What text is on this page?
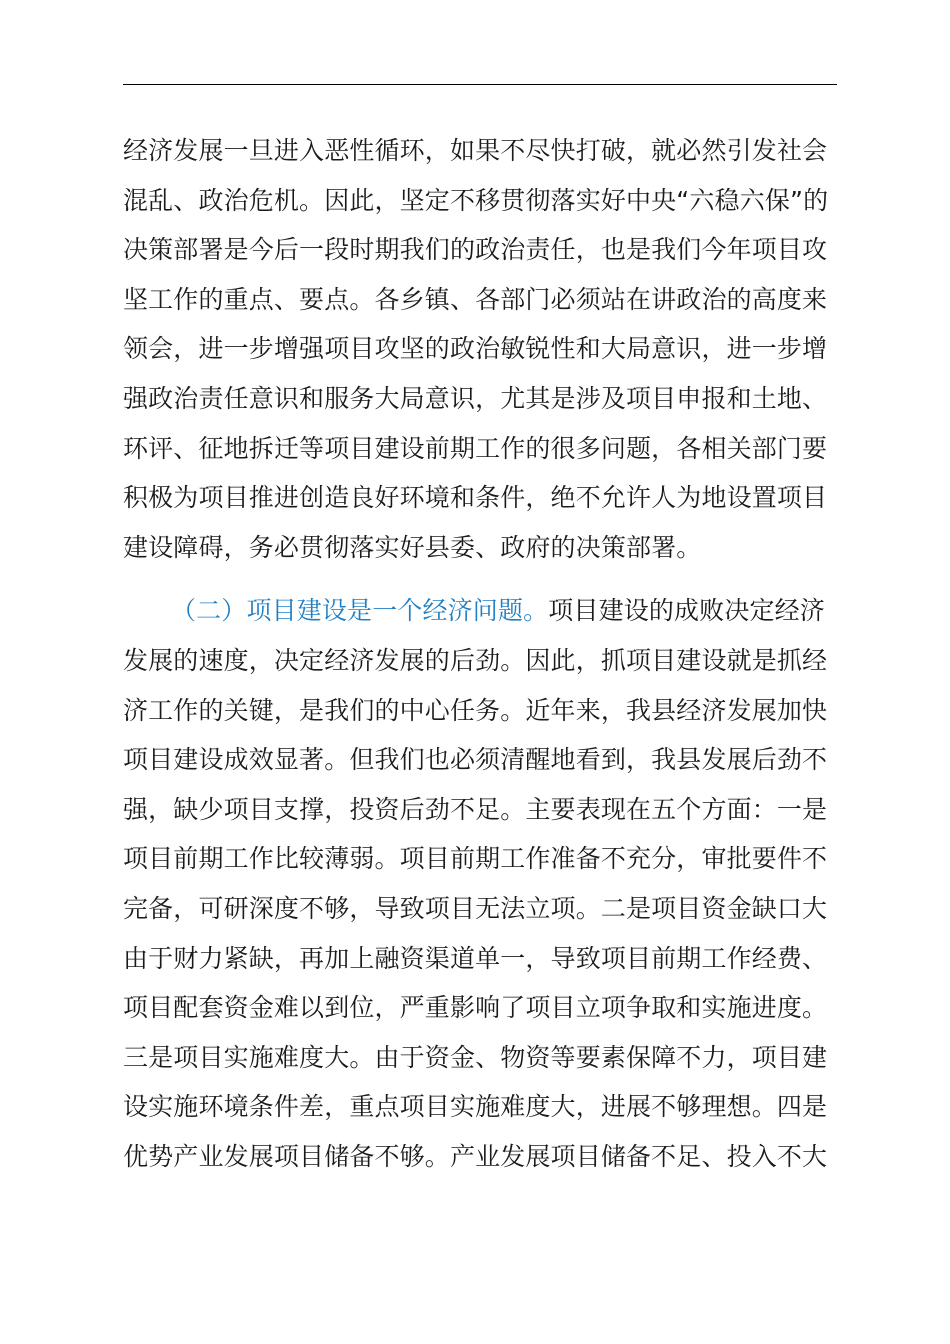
经济发展一旦进入恶性循环，如果不尽快打破，就必然引发社会
混乱、政治危机。因此，坚定不移贯彻落实好中央“六稳六保”的
决策部署是今后一段时期我们的政治责任，也是我们今年项目攻
坚工作的重点、要点。各乡镇、各部门必须站在讲政治的高度来
领会，进一步增强项目攻坚的政治敏锐性和大局意识，进一步增
强政治责任意识和服务大局意识，尤其是涉及项目申报和土地、
环评、征地拆迁等项目建设前期工作的很多问题，各相关部门要
积极为项目推进创造良好环境和条件，绝不允许人为地设置项目
建设障碍，务必贯彻落实好县委、政府的决策部署。
（二）项目建设是一个经济问题。项目建设的成败决定经济
发展的速度，决定经济发展的后劲。因此，抓项目建设就是抓经
济工作的关键，是我们的中心任务。近年来，我县经济发展加快
项目建设成效显著。但我们也必须清醒地看到，我县发展后劲不
强，缺少项目支撑，投资后劲不足。主要表现在五个方面：一是
项目前期工作比较薄弱。项目前期工作准备不充分，审批要件不
完备，可研深度不够，导致项目无法立项。二是项目资金缺口大
由于财力紧缺，再加上融资渠道单一，导致项目前期工作经费、
项目配套资金难以到位，严重影响了项目立项争取和实施进度。
三是项目实施难度大。由于资金、物资等要素保障不力，项目建
设实施环境条件差，重点项目实施难度大，进展不够理想。四是
优势产业发展项目储备不够。产业发展项目储备不足、投入不大
